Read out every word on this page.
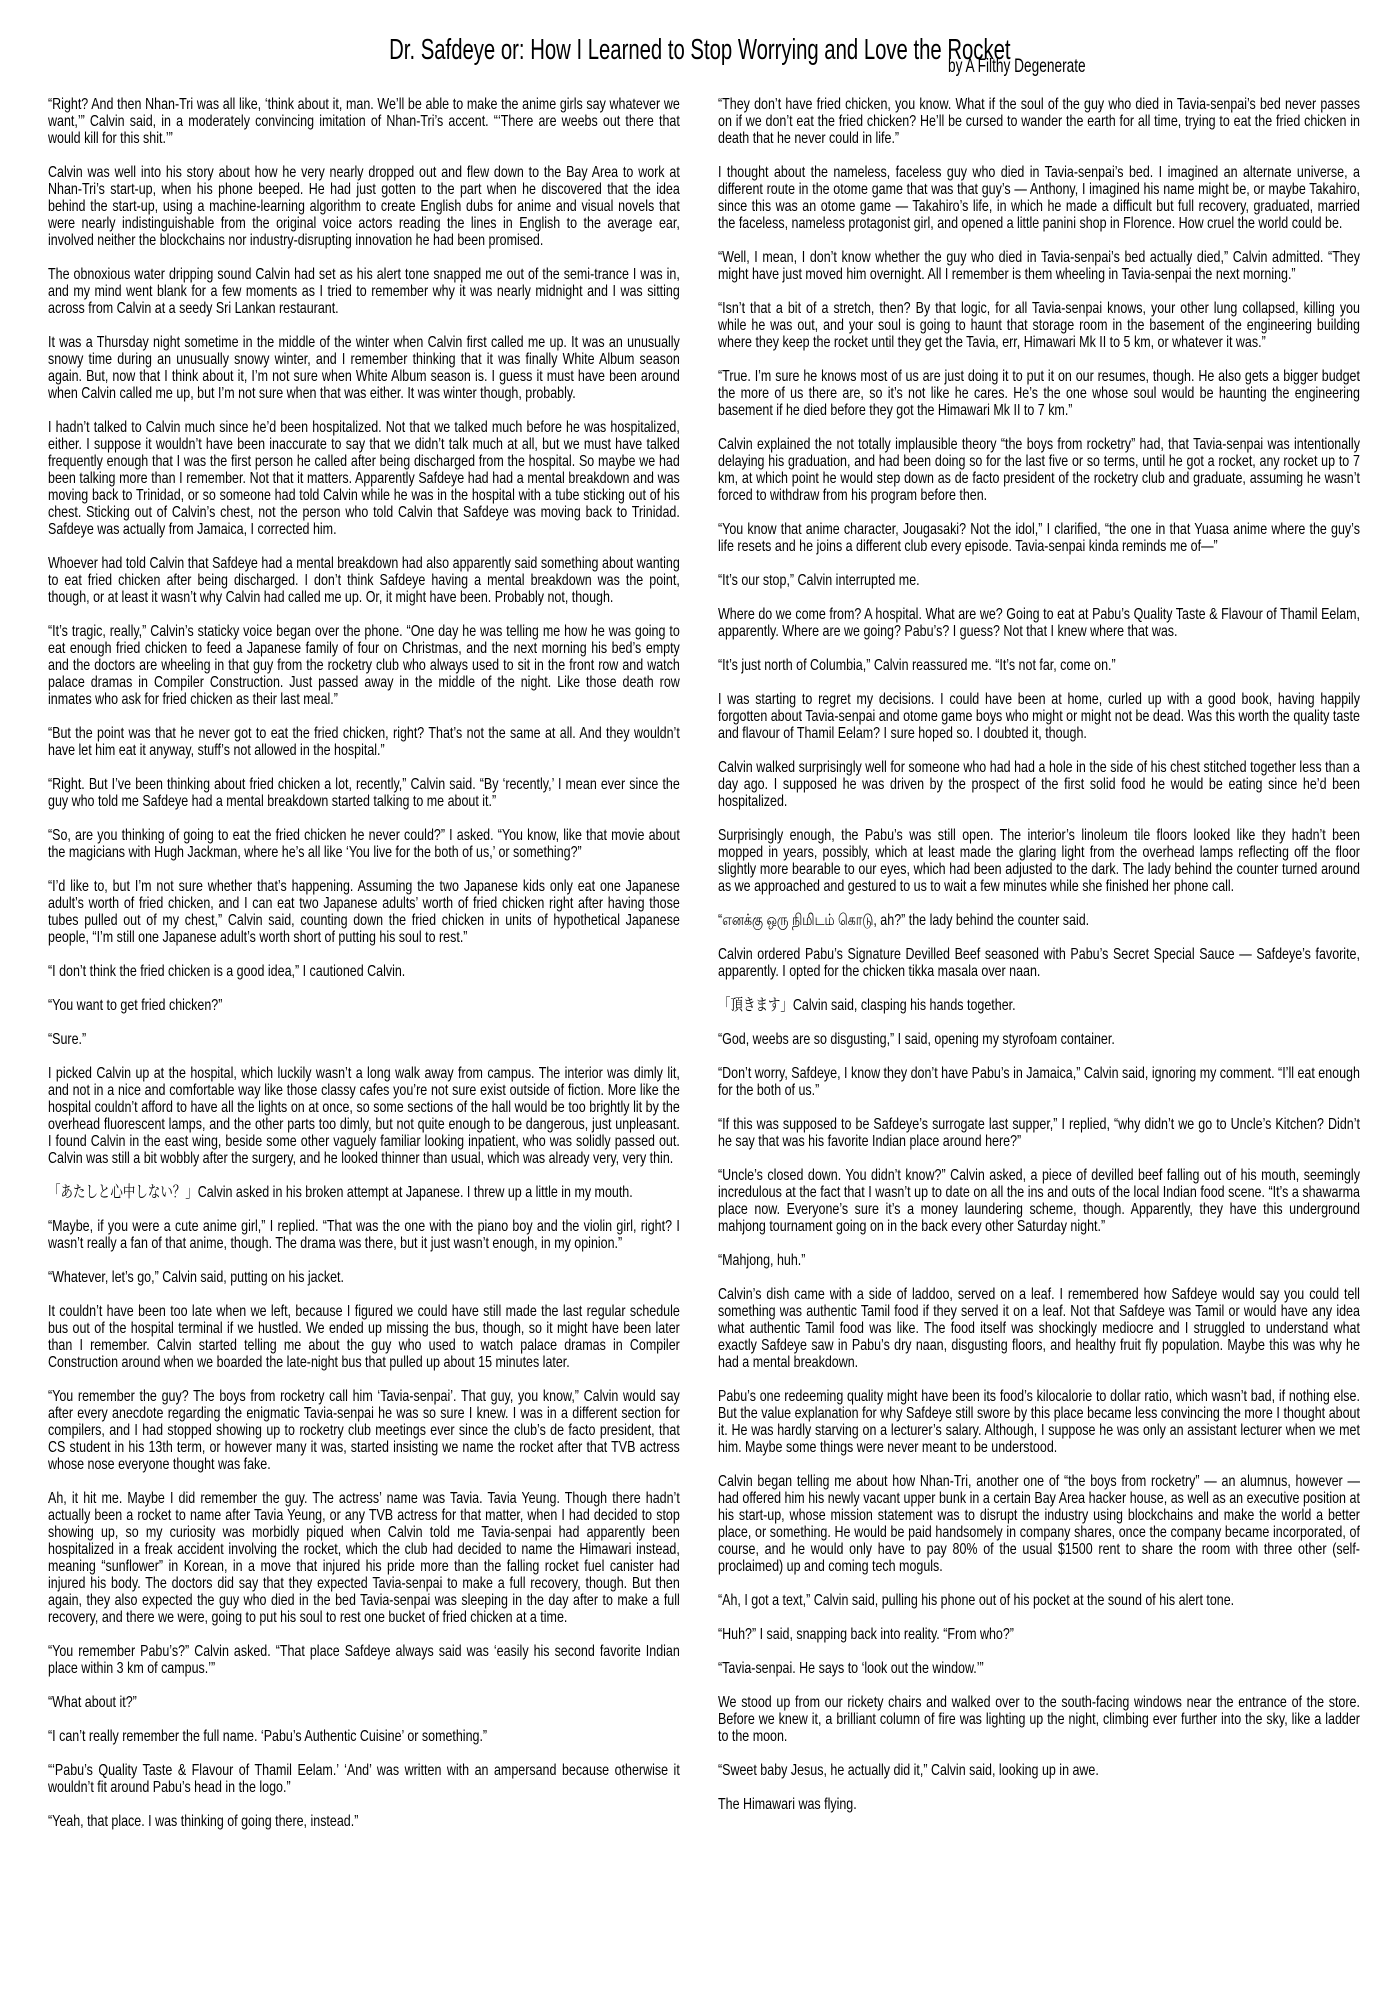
Dr. Safdeye or: How I Learned to Stop Worrying and Love the Rocket
by A Filthy Degenerate

“Right? And then Nhan-Tri was all like, ‘think about it, man. We’ll be able to make the anime girls say whatever we want,’” Calvin said, in a moderately convincing imitation of Nhan-Tri’s accent. “‘There are weebs out there that would kill for this shit.’”

Calvin was well into his story about how he very nearly dropped out and flew down to the Bay Area to work at Nhan-Tri’s start-up, when his phone beeped. He had just gotten to the part when he discovered that the idea behind the start-up, using a machine-learning algorithm to create English dubs for anime and visual novels that were nearly indistinguishable from the original voice actors reading the lines in English to the average ear, involved neither the blockchains nor industry-disrupting innovation he had been promised.

The obnoxious water dripping sound Calvin had set as his alert tone snapped me out of the semi-trance I was in, and my mind went blank for a few moments as I tried to remember why it was nearly midnight and I was sitting across from Calvin at a seedy Sri Lankan restaurant.

It was a Thursday night sometime in the middle of the winter when Calvin first called me up. It was an unusually snowy time during an unusually snowy winter, and I remember thinking that it was finally White Album season again. But, now that I think about it, I’m not sure when White Album season is. I guess it must have been around when Calvin called me up, but I’m not sure when that was either. It was winter though, probably.

I hadn’t talked to Calvin much since he’d been hospitalized. Not that we talked much before he was hospitalized, either. I suppose it wouldn’t have been inaccurate to say that we didn’t talk much at all, but we must have talked frequently enough that I was the first person he called after being discharged from the hospital. So maybe we had been talking more than I remember. Not that it matters. Apparently Safdeye had had a mental breakdown and was moving back to Trinidad, or so someone had told Calvin while he was in the hospital with a tube sticking out of his chest. Sticking out of Calvin’s chest, not the person who told Calvin that Safdeye was moving back to Trinidad. Safdeye was actually from Jamaica, I corrected him.

Whoever had told Calvin that Safdeye had a mental breakdown had also apparently said something about wanting to eat fried chicken after being discharged. I don’t think Safdeye having a mental breakdown was the point, though, or at least it wasn’t why Calvin had called me up. Or, it might have been. Probably not, though.

“It’s tragic, really,” Calvin’s staticky voice began over the phone. “One day he was telling me how he was going to eat enough fried chicken to feed a Japanese family of four on Christmas, and the next morning his bed’s empty and the doctors are wheeling in that guy from the rocketry club who always used to sit in the front row and watch palace dramas in Compiler Construction. Just passed away in the middle of the night. Like those death row inmates who ask for fried chicken as their last meal.”

“But the point was that he never got to eat the fried chicken, right? That’s not the same at all. And they wouldn’t have let him eat it anyway, stuff’s not allowed in the hospital.”

“Right. But I’ve been thinking about fried chicken a lot, recently,” Calvin said. “By ‘recently,’ I mean ever since the guy who told me Safdeye had a mental breakdown started talking to me about it.”

“So, are you thinking of going to eat the fried chicken he never could?” I asked. “You know, like that movie about the magicians with Hugh Jackman, where he’s all like ‘You live for the both of us,’ or something?”

“I’d like to, but I’m not sure whether that’s happening. Assuming the two Japanese kids only eat one Japanese adult’s worth of fried chicken, and I can eat two Japanese adults’ worth of fried chicken right after having those tubes pulled out of my chest,” Calvin said, counting down the fried chicken in units of hypothetical Japanese people, “I’m still one Japanese adult’s worth short of putting his soul to rest.”

“I don’t think the fried chicken is a good idea,” I cautioned Calvin.

“You want to get fried chicken?”

“Sure.”

I picked Calvin up at the hospital, which luckily wasn’t a long walk away from campus. The interior was dimly lit, and not in a nice and comfortable way like those classy cafes you’re not sure exist outside of fiction. More like the hospital couldn’t afford to have all the lights on at once, so some sections of the hall would be too brightly lit by the overhead fluorescent lamps, and the other parts too dimly, but not quite enough to be dangerous, just unpleasant. I found Calvin in the east wing, beside some other vaguely familiar looking inpatient, who was solidly passed out. Calvin was still a bit wobbly after the surgery, and he looked thinner than usual, which was already very, very thin.

「あたしと心中しない？」Calvin asked in his broken attempt at Japanese. I threw up a little in my mouth.

“Maybe, if you were a cute anime girl,” I replied. “That was the one with the piano boy and the violin girl, right? I wasn’t really a fan of that anime, though. The drama was there, but it just wasn’t enough, in my opinion.”

“Whatever, let’s go,” Calvin said, putting on his jacket.

It couldn’t have been too late when we left, because I figured we could have still made the last regular schedule bus out of the hospital terminal if we hustled. We ended up missing the bus, though, so it might have been later than I remember. Calvin started telling me about the guy who used to watch palace dramas in Compiler Construction around when we boarded the late-night bus that pulled up about 15 minutes later.

“You remember the guy? The boys from rocketry call him ‘Tavia-senpai’. That guy, you know,” Calvin would say after every anecdote regarding the enigmatic Tavia-senpai he was so sure I knew. I was in a different section for compilers, and I had stopped showing up to rocketry club meetings ever since the club’s de facto president, that CS student in his 13th term, or however many it was, started insisting we name the rocket after that TVB actress whose nose everyone thought was fake.

Ah, it hit me. Maybe I did remember the guy. The actress’ name was Tavia. Tavia Yeung. Though there hadn’t actually been a rocket to name after Tavia Yeung, or any TVB actress for that matter, when I had decided to stop showing up, so my curiosity was morbidly piqued when Calvin told me Tavia-senpai had apparently been hospitalized in a freak accident involving the rocket, which the club had decided to name the Himawari instead, meaning “sunflower” in Korean, in a move that injured his pride more than the falling rocket fuel canister had injured his body. The doctors did say that they expected Tavia-senpai to make a full recovery, though. But then again, they also expected the guy who died in the bed Tavia-senpai was sleeping in the day after to make a full recovery, and there we were, going to put his soul to rest one bucket of fried chicken at a time.

“You remember Pabu’s?” Calvin asked. “That place Safdeye always said was ‘easily his second favorite Indian place within 3 km of campus.’”

“What about it?”

“I can’t really remember the full name. ‘Pabu’s Authentic Cuisine’ or something.”

“‘Pabu’s Quality Taste & Flavour of Thamil Eelam.’ ‘And’ was written with an ampersand because otherwise it wouldn’t fit around Pabu’s head in the logo.”

“Yeah, that place. I was thinking of going there, instead.”

“They don’t have fried chicken, you know. What if the soul of the guy who died in Tavia-senpai’s bed never passes on if we don’t eat the fried chicken? He’ll be cursed to wander the earth for all time, trying to eat the fried chicken in death that he never could in life.”

I thought about the nameless, faceless guy who died in Tavia-senpai’s bed. I imagined an alternate universe, a different route in the otome game that was that guy’s — Anthony, I imagined his name might be, or maybe Takahiro, since this was an otome game — Takahiro’s life, in which he made a difficult but full recovery, graduated, married the faceless, nameless protagonist girl, and opened a little panini shop in Florence. How cruel the world could be.

“Well, I mean, I don’t know whether the guy who died in Tavia-senpai’s bed actually died,” Calvin admitted. “They might have just moved him overnight. All I remember is them wheeling in Tavia-senpai the next morning.”

“Isn’t that a bit of a stretch, then? By that logic, for all Tavia-senpai knows, your other lung collapsed, killing you while he was out, and your soul is going to haunt that storage room in the basement of the engineering building where they keep the rocket until they get the Tavia, err, Himawari Mk II to 5 km, or whatever it was.”

“True. I’m sure he knows most of us are just doing it to put it on our resumes, though. He also gets a bigger budget the more of us there are, so it’s not like he cares. He’s the one whose soul would be haunting the engineering basement if he died before they got the Himawari Mk II to 7 km.”

Calvin explained the not totally implausible theory “the boys from rocketry” had, that Tavia-senpai was intentionally delaying his graduation, and had been doing so for the last five or so terms, until he got a rocket, any rocket up to 7 km, at which point he would step down as de facto president of the rocketry club and graduate, assuming he wasn’t forced to withdraw from his program before then.

“You know that anime character, Jougasaki? Not the idol,” I clarified, “the one in that Yuasa anime where the guy’s life resets and he joins a different club every episode. Tavia-senpai kinda reminds me of—”

“It’s our stop,” Calvin interrupted me.

Where do we come from? A hospital. What are we? Going to eat at Pabu’s Quality Taste & Flavour of Thamil Eelam, apparently. Where are we going? Pabu’s? I guess? Not that I knew where that was.

“It’s just north of Columbia,” Calvin reassured me. “It’s not far, come on.”

I was starting to regret my decisions. I could have been at home, curled up with a good book, having happily forgotten about Tavia-senpai and otome game boys who might or might not be dead. Was this worth the quality taste and flavour of Thamil Eelam? I sure hoped so. I doubted it, though.

Calvin walked surprisingly well for someone who had had a hole in the side of his chest stitched together less than a day ago. I supposed he was driven by the prospect of the first solid food he would be eating since he’d been hospitalized.

Surprisingly enough, the Pabu’s was still open. The interior’s linoleum tile floors looked like they hadn’t been mopped in years, possibly, which at least made the glaring light from the overhead lamps reflecting off the floor slightly more bearable to our eyes, which had been adjusted to the dark. The lady behind the counter turned around as we approached and gestured to us to wait a few minutes while she finished her phone call.

“எனக்கு ஒரு நிமிடம் கொடு, ah?” the lady behind the counter said.

Calvin ordered Pabu’s Signature Devilled Beef seasoned with Pabu’s Secret Special Sauce — Safdeye’s favorite, apparently. I opted for the chicken tikka masala over naan.

「頂きます」Calvin said, clasping his hands together.

“God, weebs are so disgusting,” I said, opening my styrofoam container.

“Don’t worry, Safdeye, I know they don’t have Pabu’s in Jamaica,” Calvin said, ignoring my comment. “I’ll eat enough for the both of us.”

“If this was supposed to be Safdeye’s surrogate last supper,” I replied, “why didn’t we go to Uncle’s Kitchen? Didn’t he say that was his favorite Indian place around here?”

“Uncle’s closed down. You didn’t know?” Calvin asked, a piece of devilled beef falling out of his mouth, seemingly incredulous at the fact that I wasn’t up to date on all the ins and outs of the local Indian food scene. “It’s a shawarma place now. Everyone’s sure it’s a money laundering scheme, though. Apparently, they have this underground mahjong tournament going on in the back every other Saturday night.”

“Mahjong, huh.”

Calvin’s dish came with a side of laddoo, served on a leaf. I remembered how Safdeye would say you could tell something was authentic Tamil food if they served it on a leaf. Not that Safdeye was Tamil or would have any idea what authentic Tamil food was like. The food itself was shockingly mediocre and I struggled to understand what exactly Safdeye saw in Pabu’s dry naan, disgusting floors, and healthy fruit fly population. Maybe this was why he had a mental breakdown.

Pabu’s one redeeming quality might have been its food’s kilocalorie to dollar ratio, which wasn’t bad, if nothing else. But the value explanation for why Safdeye still swore by this place became less convincing the more I thought about it. He was hardly starving on a lecturer’s salary. Although, I suppose he was only an assistant lecturer when we met him. Maybe some things were never meant to be understood.

Calvin began telling me about how Nhan-Tri, another one of “the boys from rocketry” — an alumnus, however — had offered him his newly vacant upper bunk in a certain Bay Area hacker house, as well as an executive position at his start-up, whose mission statement was to disrupt the industry using blockchains and make the world a better place, or something. He would be paid handsomely in company shares, once the company became incorporated, of course, and he would only have to pay 80% of the usual $1500 rent to share the room with three other (self-proclaimed) up and coming tech moguls.

“Ah, I got a text,” Calvin said, pulling his phone out of his pocket at the sound of his alert tone.

“Huh?” I said, snapping back into reality. “From who?”

“Tavia-senpai. He says to ‘look out the window.’”

We stood up from our rickety chairs and walked over to the south-facing windows near the entrance of the store. Before we knew it, a brilliant column of fire was lighting up the night, climbing ever further into the sky, like a ladder to the moon.

“Sweet baby Jesus, he actually did it,” Calvin said, looking up in awe.

The Himawari was flying.
